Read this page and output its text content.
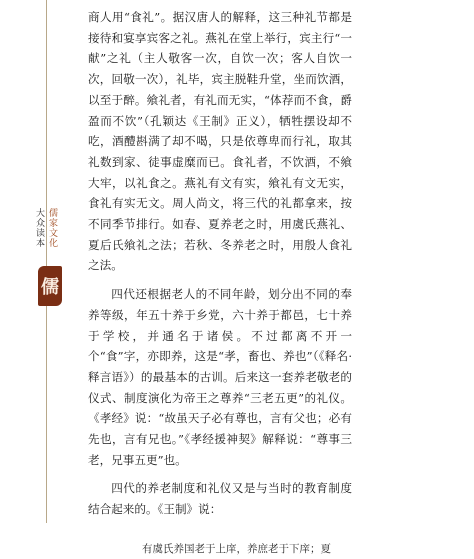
大众读本 儒家文化
儒

商人用“食礼”。据汉唐人的解释，这三种礼节都是接待和宴享宾客之礼。燕礼在堂上举行，宾主行“一献”之礼（主人敬客一次，自饮一次；客人自饮一次，回敬一次），礼毕，宾主脱鞋升堂，坐而饮酒，以至于醉。飨礼者，有礼而无实，“体荐而不食，爵盈而不饮”（孔颖达《王制》正义），牺牲摆设却不吃，酒醴斟满了却不喝，只是依尊卑而行礼，取其礼数到家、徒事虚糜而已。食礼者，不饮酒，不飨大牢，以礼食之。燕礼有文有实，飨礼有文无实，食礼有实无文。周人尚文，将三代的礼都拿来，按不同季节排行。如春、夏养老之时，用虞氏燕礼、夏后氏飨礼之法；若秋、冬养老之时，用殷人食礼之法。

四代还根据老人的不同年龄，划分出不同的奉养等级，年五十养于乡党，六十养于都邑，七十养于学校，并通名于诸侯。不过都离不开一个“食”字，亦即养，这是“孝，畜也、养也”（《释名·释言语》）的最基本的古训。后来这一套养老敬老的仪式、制度演化为帝王之尊养“三老五更”的礼仪。《孝经》说：“故虽天子必有尊也，言有父也；必有先也，言有兄也。”《孝经援神契》解释说：“尊事三老，兄事五更”也。

四代的养老制度和礼仪又是与当时的教育制度结合起来的。《王制》说：

有虞氏养国老于上庠，养庶老于下庠；夏
